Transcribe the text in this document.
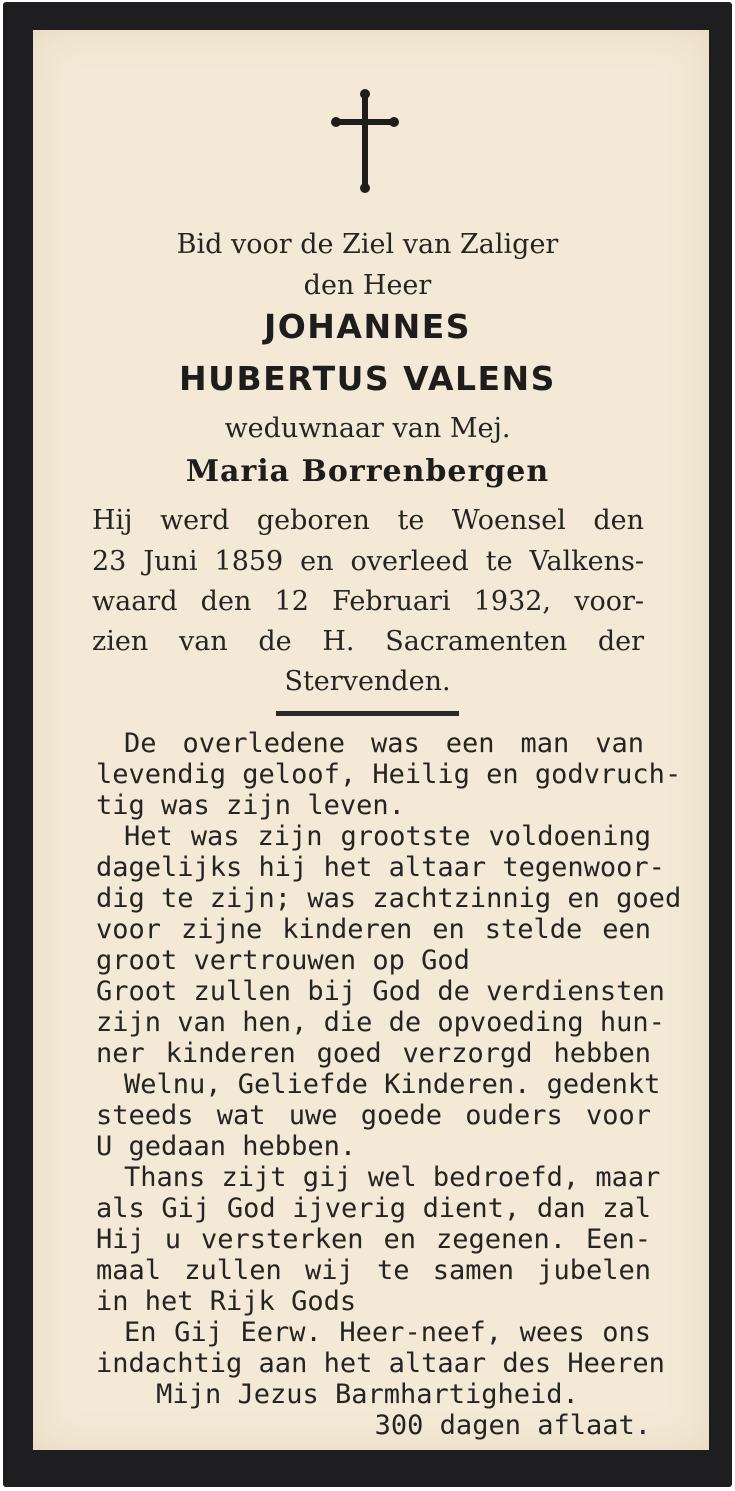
Bid voor de Ziel van Zaliger
den Heer
JOHANNES
HUBERTUS VALENS
weduwnaar van Mej.
Maria Borrenbergen
Hij werd geboren te Woensel den
23 Juni 1859 en overleed te Valkens-
waard den 12 Februari 1932, voor-
zien van de H. Sacramenten der
Stervenden.
De overledene was een man van
levendig geloof, Heilig en godvruch-
tig was zijn leven.
Het was zijn grootste voldoening
dagelijks hij het altaar tegenwoor-
dig te zijn; was zachtzinnig en goed
voor zijne kinderen en stelde een
groot vertrouwen op God
Groot zullen bij God de verdiensten
zijn van hen, die de opvoeding hun-
ner kinderen goed verzorgd hebben
Welnu, Geliefde Kinderen. gedenkt
steeds wat uwe goede ouders voor
U gedaan hebben.
Thans zijt gij wel bedroefd, maar
als Gij God ijverig dient, dan zal
Hij u versterken en zegenen. Een-
maal zullen wij te samen jubelen
in het Rijk Gods
En Gij Eerw. Heer-neef, wees ons
indachtig aan het altaar des Heeren
Mijn Jezus Barmhartigheid.
300 dagen aflaat.
